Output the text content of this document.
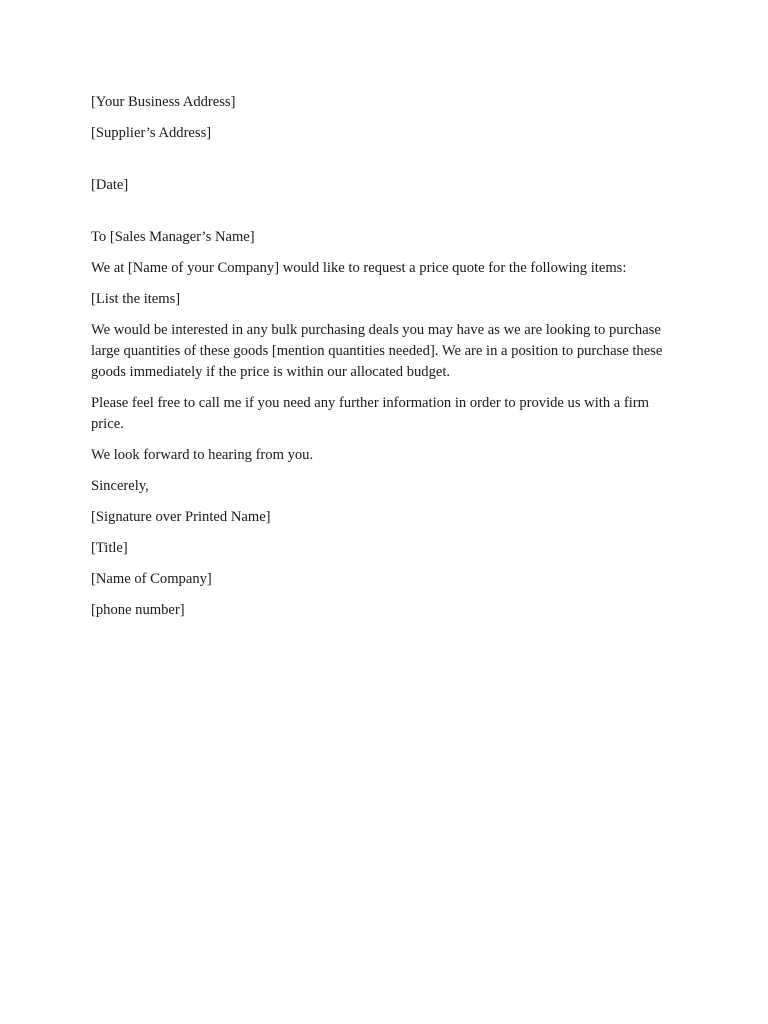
[Your Business Address]

[Supplier’s Address]

[Date]

To [Sales Manager’s Name]

We at [Name of your Company] would like to request a price quote for the following items:

[List the items]

We would be interested in any bulk purchasing deals you may have as we are looking to purchase large quantities of these goods [mention quantities needed]. We are in a position to purchase these goods immediately if the price is within our allocated budget.

Please feel free to call me if you need any further information in order to provide us with a firm price.

We look forward to hearing from you.

Sincerely,

[Signature over Printed Name]

[Title]

[Name of Company]

[phone number]
